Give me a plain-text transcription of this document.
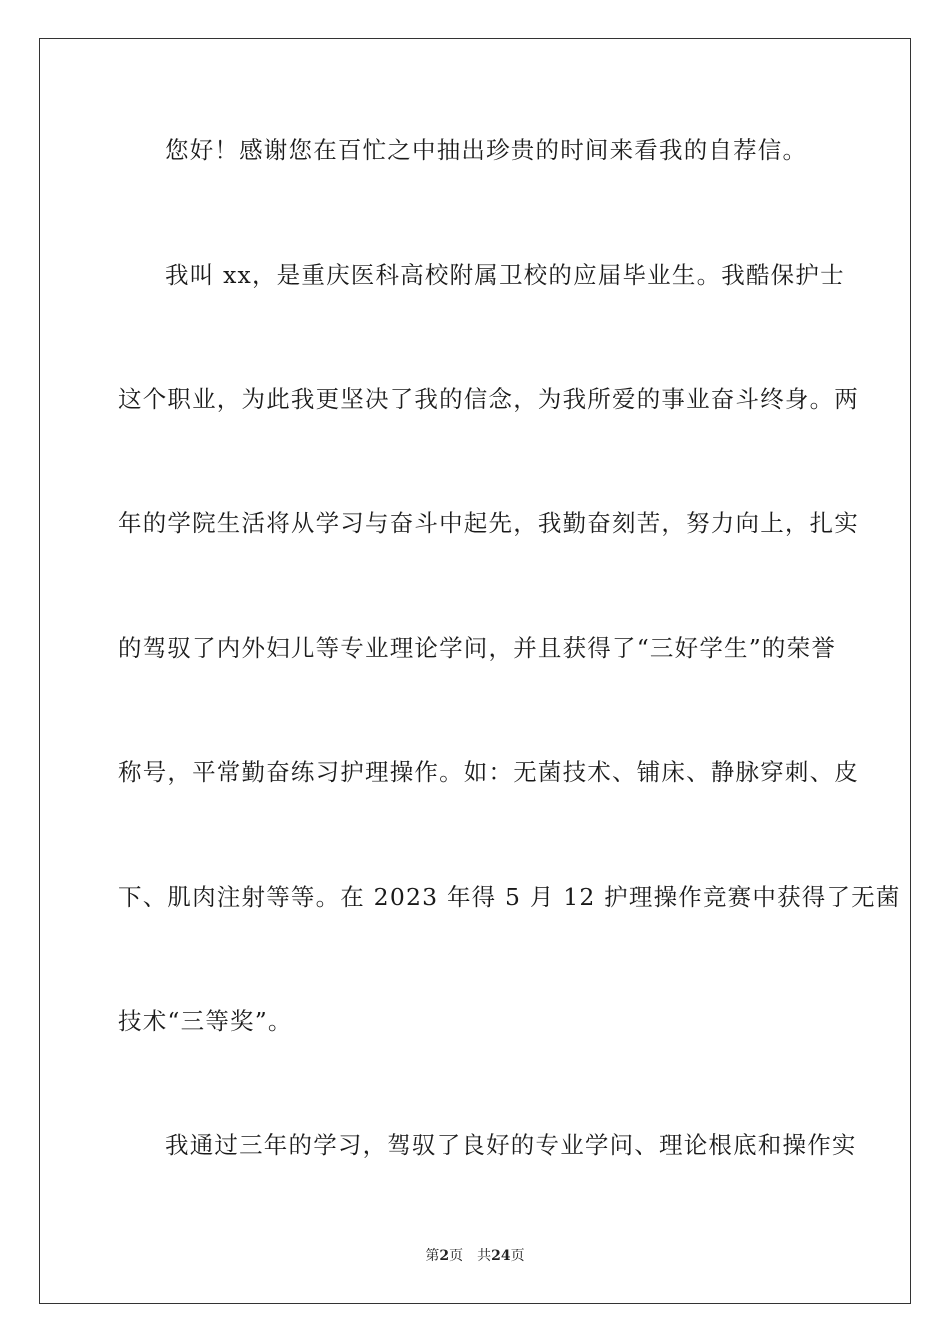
您好！感谢您在百忙之中抽出珍贵的时间来看我的自荐信。
我叫 xx，是重庆医科高校附属卫校的应届毕业生。我酷保护士
这个职业，为此我更坚决了我的信念，为我所爱的事业奋斗终身。两
年的学院生活将从学习与奋斗中起先，我勤奋刻苦，努力向上，扎实
的驾驭了内外妇儿等专业理论学问，并且获得了“三好学生”的荣誉
称号，平常勤奋练习护理操作。如：无菌技术、铺床、静脉穿刺、皮
下、肌肉注射等等。在 2023 年得 5 月 12 护理操作竞赛中获得了无菌
技术“三等奖”。
我通过三年的学习，驾驭了良好的专业学问、理论根底和操作实
第2页 共24页
